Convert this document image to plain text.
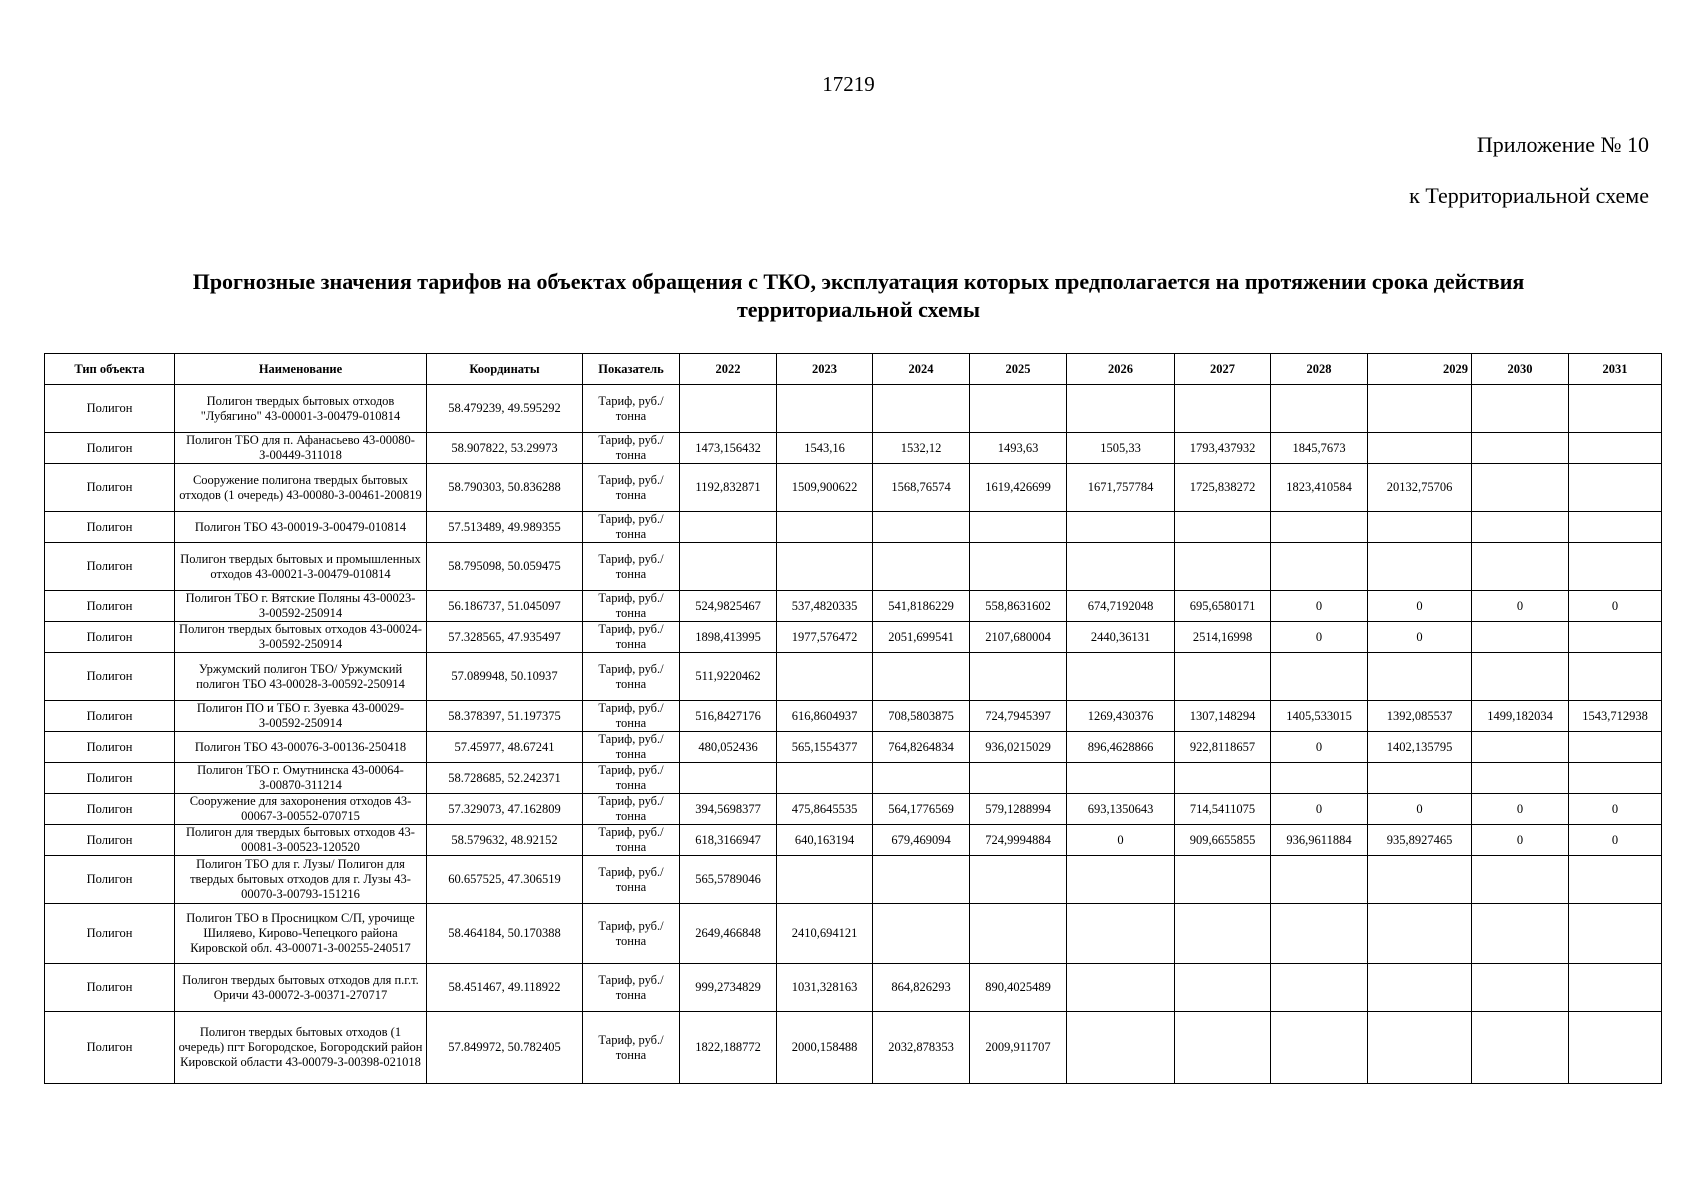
17219
Приложение № 10
к Территориальной схеме
Прогнозные значения тарифов на объектах обращения с ТКО, эксплуатация которых предполагается на протяжении срока действия
территориальной схемы
Тип объекта	Наименование	Координаты	Показатель	2022	2023	2024	2025	2026	2027	2028	2029	2030	2031
Полигон	Полигон твердых бытовых отходов "Лубягино" 43-00001-З-00479-010814	58.479239, 49.595292	Тариф, руб./тонна										
Полигон	Полигон ТБО для п. Афанасьево 43-00080-З-00449-311018	58.907822, 53.29973	Тариф, руб./тонна	1473,156432	1543,16	1532,12	1493,63	1505,33	1793,437932	1845,7673			
Полигон	Сооружение полигона твердых бытовых отходов (1 очередь) 43-00080-З-00461-200819	58.790303, 50.836288	Тариф, руб./тонна	1192,832871	1509,900622	1568,76574	1619,426699	1671,757784	1725,838272	1823,410584	20132,75706		
Полигон	Полигон ТБО 43-00019-З-00479-010814	57.513489, 49.989355	Тариф, руб./тонна										
Полигон	Полигон твердых бытовых и промышленных отходов 43-00021-З-00479-010814	58.795098, 50.059475	Тариф, руб./тонна										
Полигон	Полигон ТБО г. Вятские Поляны 43-00023-З-00592-250914	56.186737, 51.045097	Тариф, руб./тонна	524,9825467	537,4820335	541,8186229	558,8631602	674,7192048	695,6580171	0	0	0	0
Полигон	Полигон твердых бытовых отходов 43-00024-З-00592-250914	57.328565, 47.935497	Тариф, руб./тонна	1898,413995	1977,576472	2051,699541	2107,680004	2440,36131	2514,16998	0	0		
Полигон	Уржумский полигон ТБО/ Уржумский полигон ТБО 43-00028-З-00592-250914	57.089948, 50.10937	Тариф, руб./тонна	511,9220462									
Полигон	Полигон ПО и ТБО г. Зуевка 43-00029-З-00592-250914	58.378397, 51.197375	Тариф, руб./тонна	516,8427176	616,8604937	708,5803875	724,7945397	1269,430376	1307,148294	1405,533015	1392,085537	1499,182034	1543,712938
Полигон	Полигон ТБО 43-00076-З-00136-250418	57.45977, 48.67241	Тариф, руб./тонна	480,052436	565,1554377	764,8264834	936,0215029	896,4628866	922,8118657	0	1402,135795		
Полигон	Полигон ТБО г. Омутнинска 43-00064-З-00870-311214	58.728685, 52.242371	Тариф, руб./тонна										
Полигон	Сооружение для захоронения отходов 43-00067-З-00552-070715	57.329073, 47.162809	Тариф, руб./тонна	394,5698377	475,8645535	564,1776569	579,1288994	693,1350643	714,5411075	0	0	0	0
Полигон	Полигон для твердых бытовых отходов 43-00081-З-00523-120520	58.579632, 48.92152	Тариф, руб./тонна	618,3166947	640,163194	679,469094	724,9994884	0	909,6655855	936,9611884	935,8927465	0	0
Полигон	Полигон ТБО для г. Лузы/ Полигон для твердых бытовых отходов для г. Лузы 43-00070-З-00793-151216	60.657525, 47.306519	Тариф, руб./тонна	565,5789046									
Полигон	Полигон ТБО в Просницком С/П, урочище Шиляево, Кирово-Чепецкого района Кировской обл. 43-00071-З-00255-240517	58.464184, 50.170388	Тариф, руб./тонна	2649,466848	2410,694121								
Полигон	Полигон твердых бытовых отходов для п.г.т. Оричи 43-00072-З-00371-270717	58.451467, 49.118922	Тариф, руб./тонна	999,2734829	1031,328163	864,826293	890,4025489						
Полигон	Полигон твердых бытовых отходов (1 очередь) пгт Богородское, Богородский район Кировской области 43-00079-З-00398-021018	57.849972, 50.782405	Тариф, руб./тонна	1822,188772	2000,158488	2032,878353	2009,911707						
